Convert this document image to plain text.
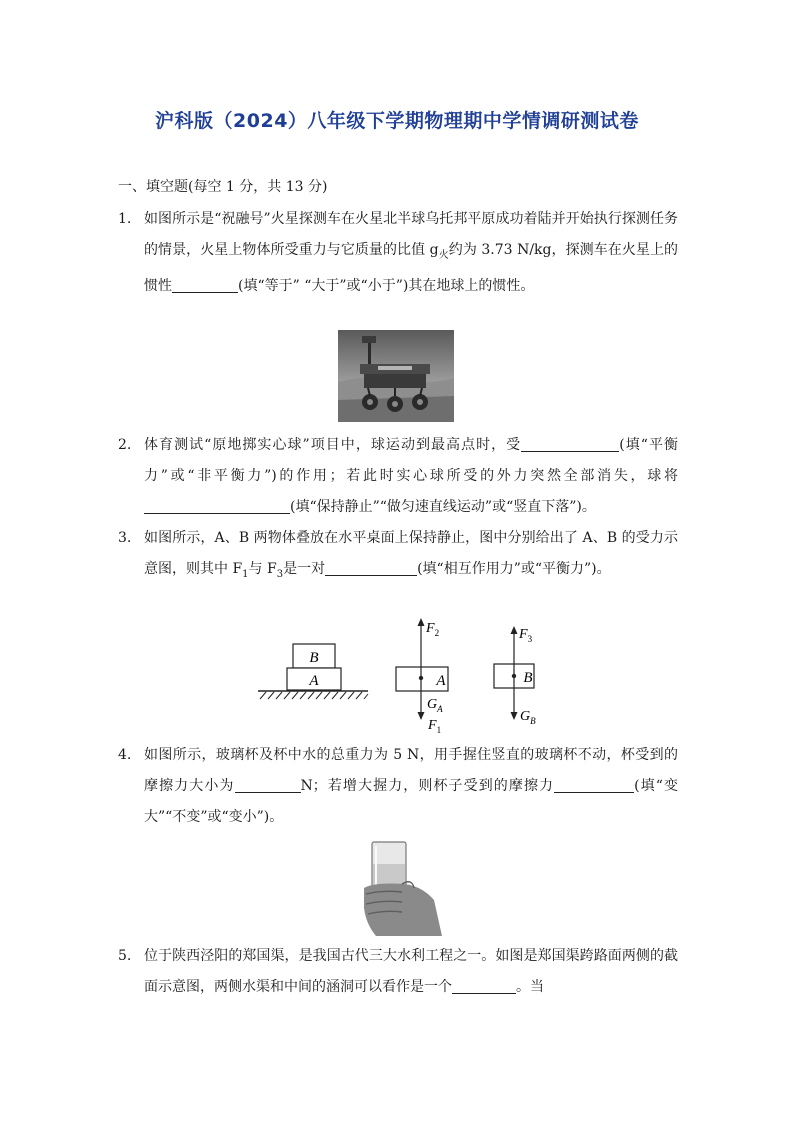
沪科版（2024）八年级下学期物理期中学情调研测试卷
一、填空题(每空 1 分，共 13 分)
1. 如图所示是“祝融号”火星探测车在火星北半球乌托邦平原成功着陆并开始执行探测任务的情景，火星上物体所受重力与它质量的比值 $g_火$约为 3.73 N/kg，探测车在火星上的惯性	(填“等于” “大于”或“小于”)其在地球上的惯性。
2. 体育测试“原地掷实心球”项目中，球运动到最高点时，受	(填“平衡力”或“非平衡力”)的作用；若此时实心球所受的外力突然全部消失，球将(填“保持静止”“做匀速直线运动”或“竖直下落”)。
3. 如图所示，A、B 两物体叠放在水平桌面上保持静止，图中分别给出了 A、B 的受力示意图，则其中 $F_1$与 $F_3$是一对	(填“相互作用力”或“平衡力”)。
B
A	A
$F_2$
$G_A$
$F_1$
B
$F_3$
$G_B$
4. 如图所示，玻璃杯及杯中水的总重力为 5 N，用手握住竖直的玻璃杯不动，杯受到的摩擦力大小为	N；若增大握力，则杯子受到的摩擦力	(填“变大”“不变”或“变小”)。
5. 位于陕西泾阳的郑国渠，是我国古代三大水利工程之一。如图是郑国渠跨路面两侧的截面示意图，两侧水渠和中间的涵洞可以看作是一个	。当
